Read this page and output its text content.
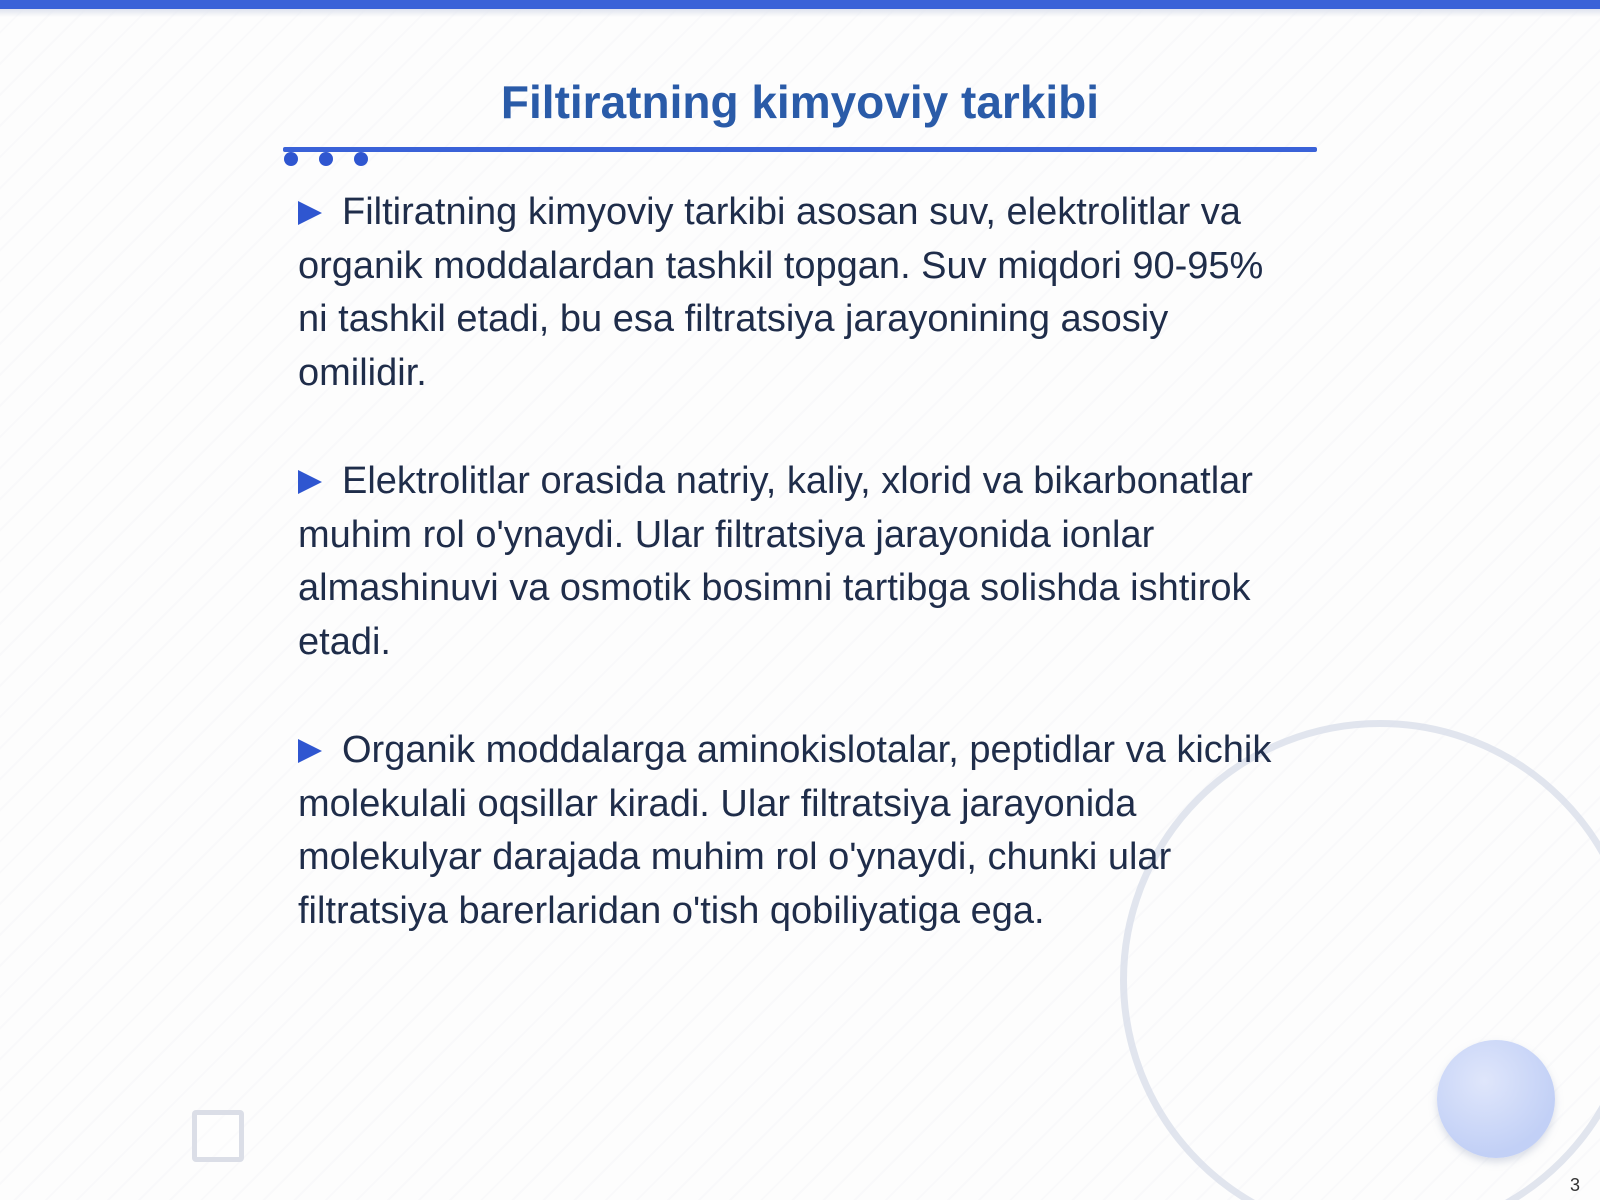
Filtiratning kimyoviy tarkibi

Filtiratning kimyoviy tarkibi asosan suv, elektrolitlar va organik moddalardan tashkil topgan. Suv miqdori 90-95% ni tashkil etadi, bu esa filtratsiya jarayonining asosiy omilidir.

Elektrolitlar orasida natriy, kaliy, xlorid va bikarbonatlar muhim rol o'ynaydi. Ular filtratsiya jarayonida ionlar almashinuvi va osmotik bosimni tartibga solishda ishtirok etadi.

Organik moddalarga aminokislotalar, peptidlar va kichik molekulali oqsillar kiradi. Ular filtratsiya jarayonida molekulyar darajada muhim rol o'ynaydi, chunki ular filtratsiya barerlaridan o'tish qobiliyatiga ega.

3
